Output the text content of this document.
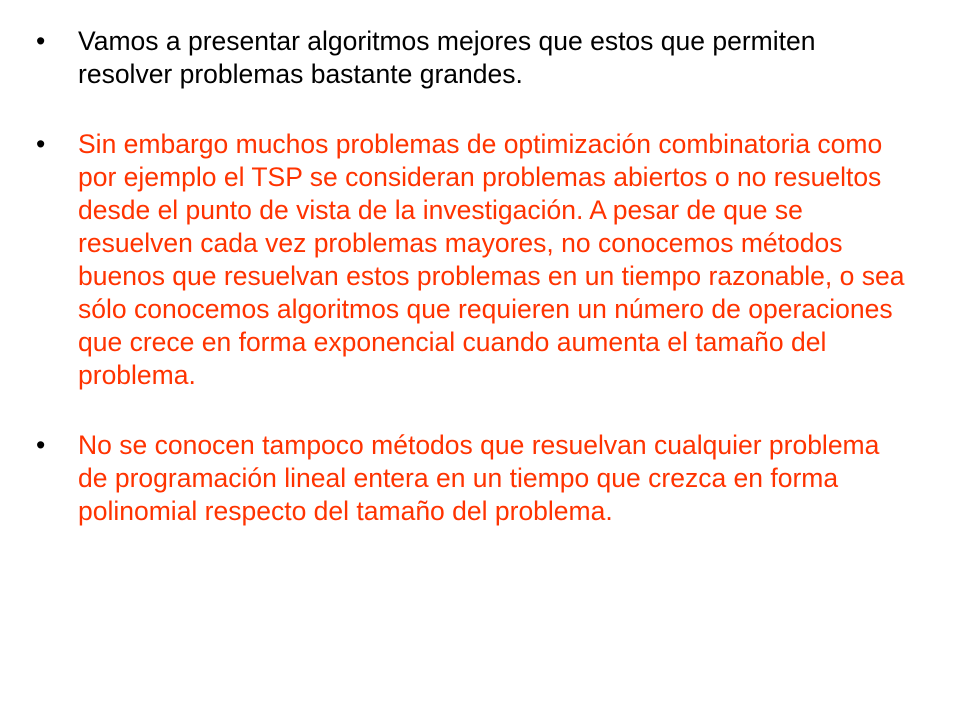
•	Vamos a presentar algoritmos mejores que estos que permiten resolver problemas bastante grandes.
•	Sin embargo muchos problemas de optimización combinatoria como por ejemplo el TSP se consideran problemas abiertos o no resueltos desde el punto de vista de la investigación. A pesar de que se resuelven cada vez problemas mayores, no conocemos métodos buenos que resuelvan estos problemas en un tiempo razonable, o sea sólo conocemos algoritmos que requieren un número de operaciones que crece en forma exponencial cuando aumenta el tamaño del problema.
•	No se conocen tampoco métodos que resuelvan cualquier problema de programación lineal entera en un tiempo que crezca en forma polinomial respecto del tamaño del problema.
